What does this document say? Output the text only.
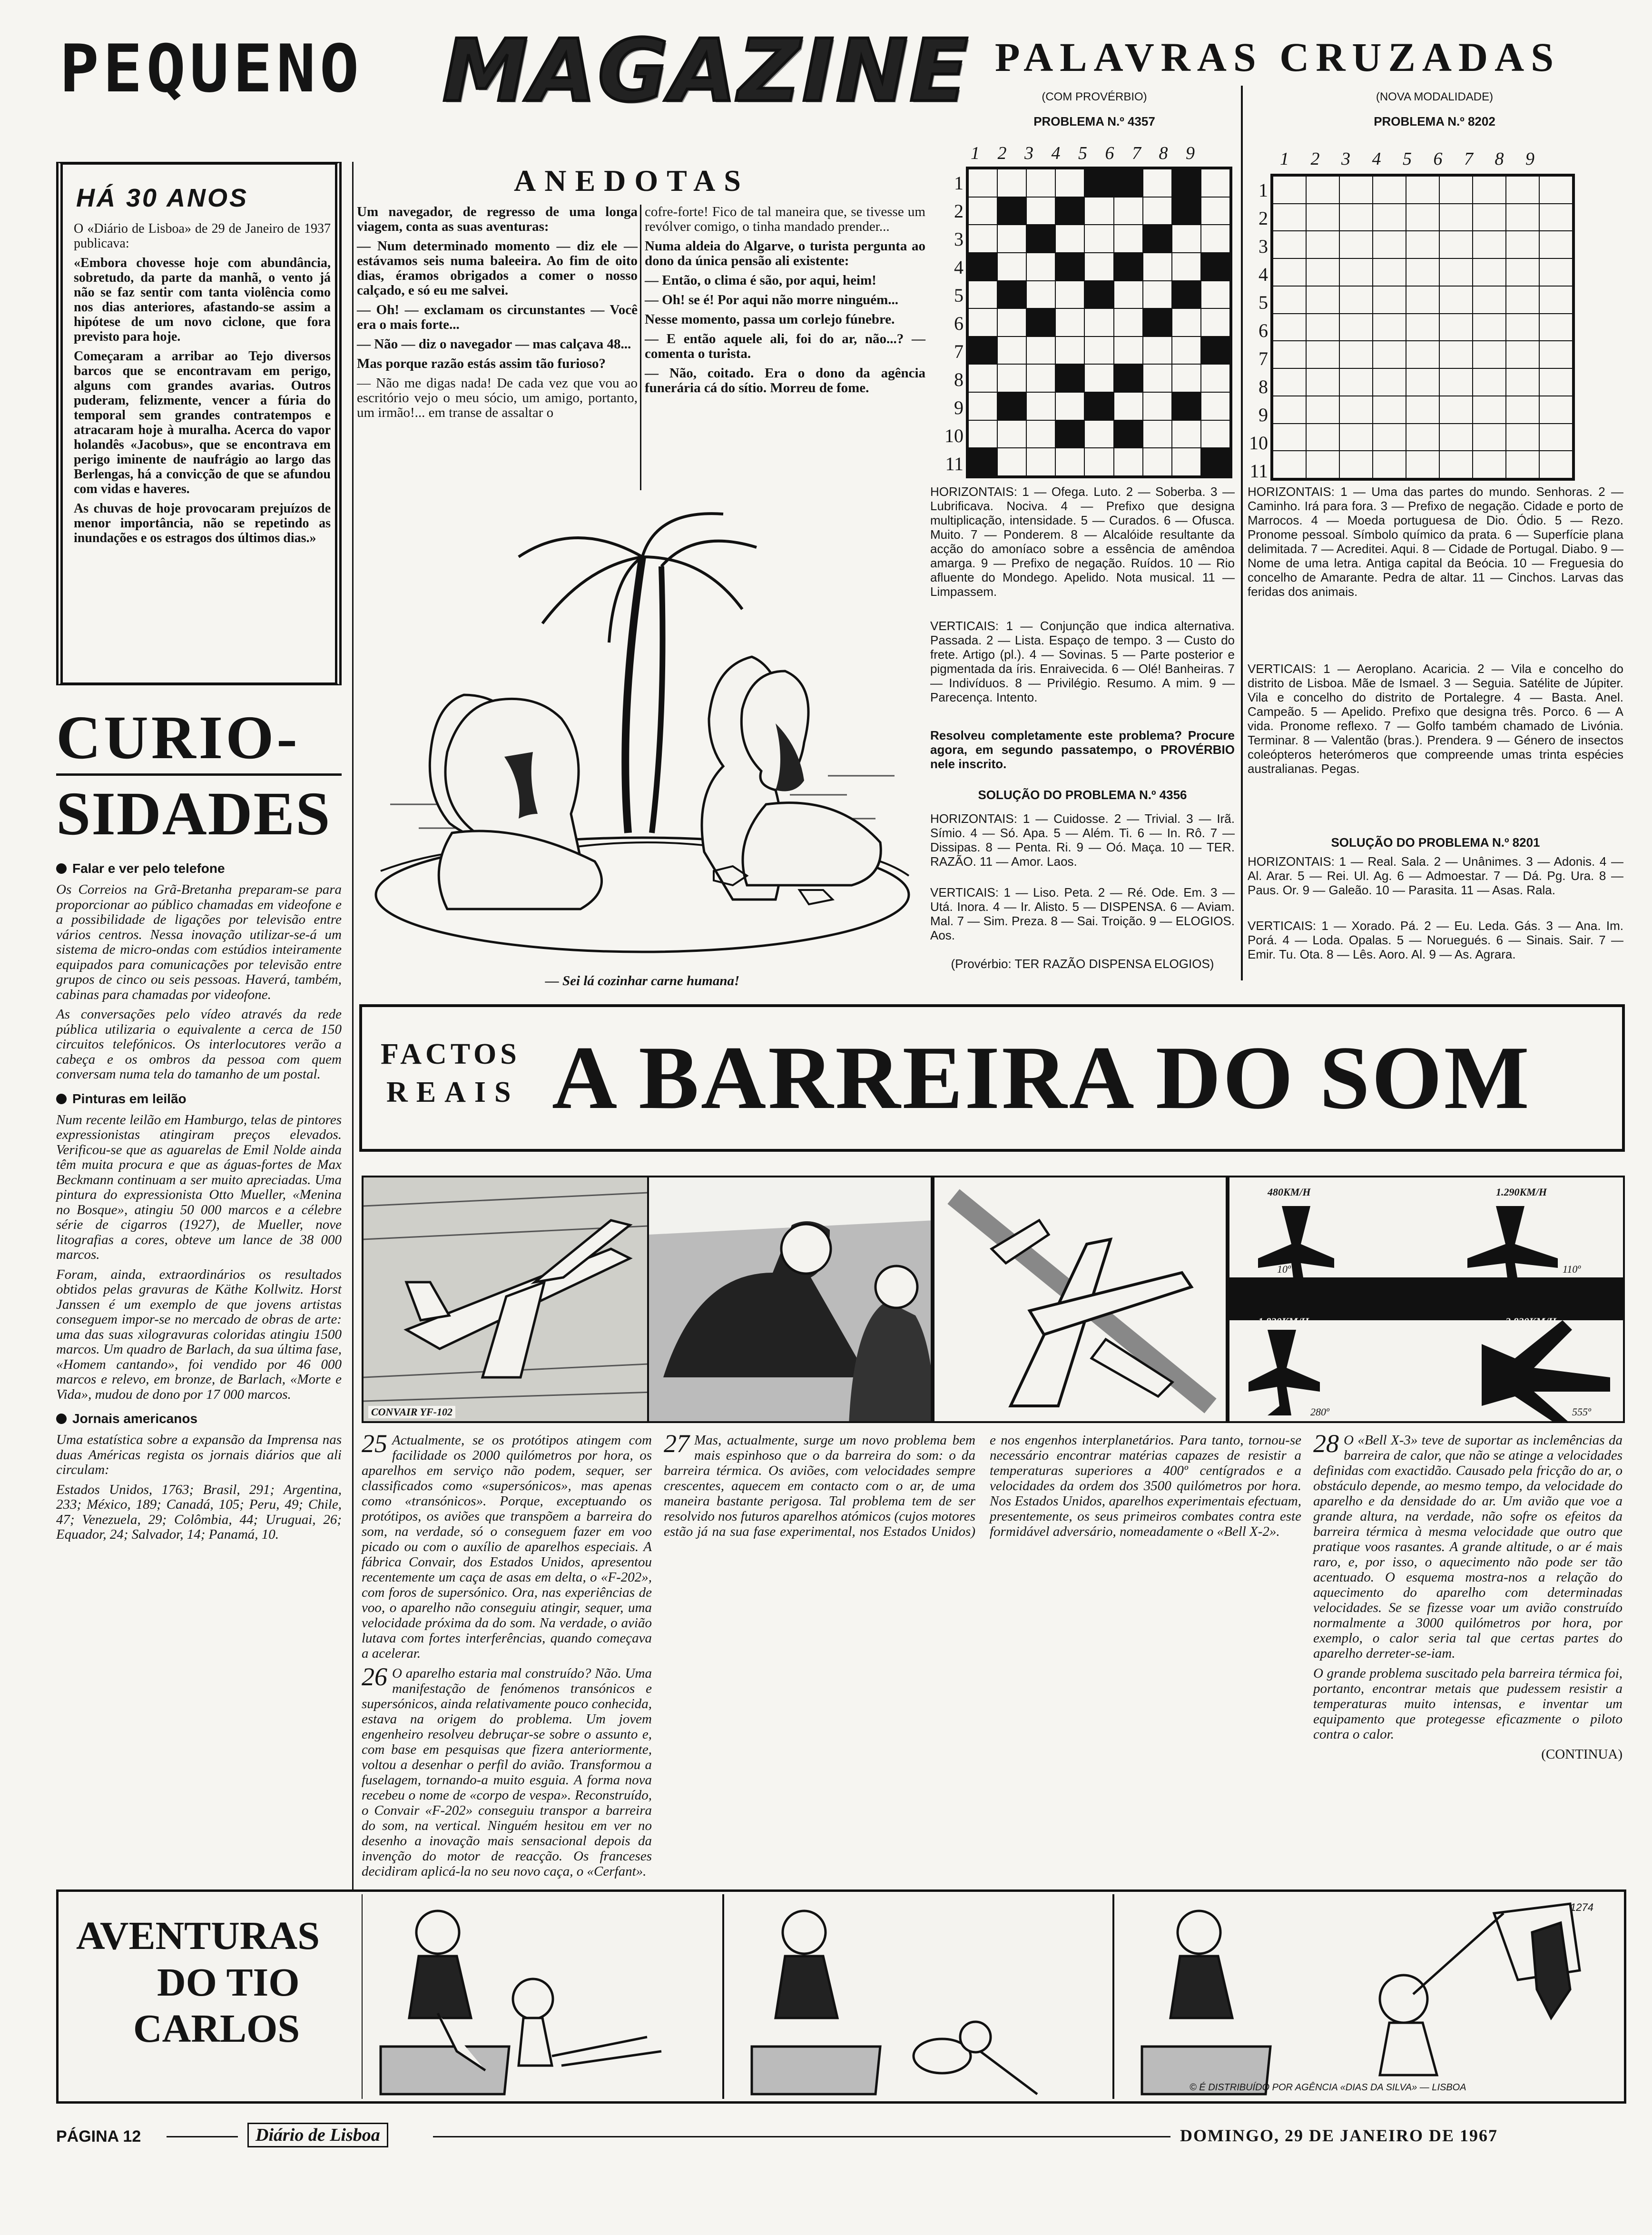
PEQUENO MAGAZINE PALAVRAS CRUZADAS
(COM PROVÉRBIO)
PROBLEMA N.º 4357
1 2 3 4 5 6 7 8 9
1
2
3
4
5
6
7
8
9
10
11
HORIZONTAIS: 1 — Ofega. Luto. 2 — Soberba. 3 — Lubrificava. Nociva. 4 — Prefixo que designa multiplicação, intensidade. 5 — Curados. 6 — Ofusca. Muito. 7 — Ponderem. 8 — Alcalóide resultante da acção do amoníaco sobre a essência de amêndoa amarga. 9 — Prefixo de negação. Ruídos. 10 — Rio afluente do Mondego. Apelido. Nota musical. 11 — Limpassem.
VERTICAIS: 1 — Conjunção que indica alternativa. Passada. 2 — Lista. Espaço de tempo. 3 — Custo do frete. Artigo (pl.). 4 — Sovinas. 5 — Parte posterior e pigmentada da íris. Enraivecida. 6 — Olé! Banheiras. 7 — Indivíduos. 8 — Privilégio. Resumo. A mim. 9 — Parecença. Intento.
Resolveu completamente este problema? Procure agora, em segundo passatempo, o PROVÉRBIO nele inscrito.
SOLUÇÃO DO PROBLEMA N.º 4356
HORIZONTAIS: 1 — Cuidosse. 2 — Trivial. 3 — Irã. Símio. 4 — Só. Apa. 5 — Além. Ti. 6 — In. Rô. 7 — Dissipas. 8 — Penta. Ri. 9 — Oó. Maça. 10 — TER. RAZÃO. 11 — Amor. Laos.
VERTICAIS: 1 — Liso. Peta. 2 — Ré. Ode. Em. 3 — Utá. Inora. 4 — Ir. Alisto. 5 — DISPENSA. 6 — Aviam. Mal. 7 — Sim. Preza. 8 — Sai. Troição. 9 — ELOGIOS. Aos.
(Provérbio: TER RAZÃO DISPENSA ELOGIOS)
(NOVA MODALIDADE)
PROBLEMA N.º 8202
1 2 3 4 5 6 7 8 9
1
2
3
4
5
6
7
8
9
10
11
HORIZONTAIS: 1 — Uma das partes do mundo. Senhoras. 2 — Caminho. Irá para fora. 3 — Prefixo de negação. Cidade e porto de Marrocos. 4 — Moeda portuguesa de Dio. Ódio. 5 — Rezo. Pronome pessoal. Símbolo químico da prata. 6 — Superfície plana delimitada. 7 — Acreditei. Aqui. 8 — Cidade de Portugal. Diabo. 9 — Nome de uma letra. Antiga capital da Beócia. 10 — Freguesia do concelho de Amarante. Pedra de altar. 11 — Cinchos. Larvas das feridas dos animais.
VERTICAIS: 1 — Aeroplano. Acaricia. 2 — Vila e concelho do distrito de Lisboa. Mãe de Ismael. 3 — Seguia. Satélite de Júpiter. Vila e concelho do distrito de Portalegre. 4 — Basta. Anel. Campeão. 5 — Apelido. Prefixo que designa três. Porco. 6 — A vida. Pronome reflexo. 7 — Golfo também chamado de Livónia. Terminar. 8 — Valentão (bras.). Prendera. 9 — Género de insectos coleópteros heterómeros que compreende umas trinta espécies australianas. Pegas.
SOLUÇÃO DO PROBLEMA N.º 8201
HORIZONTAIS: 1 — Real. Sala. 2 — Unânimes. 3 — Adonis. 4 — Al. Arar. 5 — Rei. Ul. Ag. 6 — Admoestar. 7 — Dá. Pg. Ura. 8 — Paus. Or. 9 — Galeão. 10 — Parasita. 11 — Asas. Rala.
VERTICAIS: 1 — Xorado. Pá. 2 — Eu. Leda. Gás. 3 — Ana. Im. Porá. 4 — Loda. Opalas. 5 — Noruegués. 6 — Sinais. Sair. 7 — Emir. Tu. Ota. 8 — Lês. Aoro. Al. 9 — As. Agrara.
HÁ 30 ANOS

O «Diário de Lisboa» de 29 de Janeiro de 1937 publicava:

«Embora chovesse hoje com abundância, sobretudo, da parte da manhã, o vento já não se faz sentir com tanta violência como nos dias anteriores, afastando-se assim a hipótese de um novo ciclone, que fora previsto para hoje.

Começaram a arribar ao Tejo diversos barcos que se encontravam em perigo, alguns com grandes avarias. Outros puderam, felizmente, vencer a fúria do temporal sem grandes contratempos e atracaram hoje à muralha. Acerca do vapor holandês «Jacobus», que se encontrava em perigo iminente de naufrágio ao largo das Berlengas, há a convicção de que se afundou com vidas e haveres.

As chuvas de hoje provocaram prejuízos de menor importância, não se repetindo as inundações e os estragos dos últimos dias.»

ANEDOTAS

Um navegador, de regresso de uma longa viagem, conta as suas aventuras:

— Num determinado momento — diz ele — estávamos seis numa baleeira. Ao fim de oito dias, éramos obrigados a comer o nosso calçado, e só eu me salvei.

— Oh! — exclamam os circunstantes — Você era o mais forte...

— Não — diz o navegador — mas calçava 48...

Mas porque razão estás assim tão furioso?

— Não me digas nada! De cada vez que vou ao escritório vejo o meu sócio, um amigo, portanto, um irmão!... em transe de assaltar o

cofre-forte! Fico de tal maneira que, se tivesse um revólver comigo, o tinha mandado prender...

Numa aldeia do Algarve, o turista pergunta ao dono da única pensão ali existente:

— Então, o clima é são, por aqui, heim!

— Oh! se é! Por aqui não morre ninguém...

Nesse momento, passa um corlejo fúnebre.

— E então aquele ali, foi do ar, não...? — comenta o turista.

— Não, coitado. Era o dono da agência funerária cá do sítio. Morreu de fome.

— Sei lá cozinhar carne humana!
CURIO-
SIDADES
Falar e ver pelo telefone

Os Correios na Grã-Bretanha preparam-se para proporcionar ao público chamadas em videofone e a possibilidade de ligações por televisão entre vários centros. Nessa inovação utilizar-se-á um sistema de micro-ondas com estúdios inteiramente equipados para comunicações por televisão entre grupos de cinco ou seis pessoas. Haverá, também, cabinas para chamadas por videofone.

As conversações pelo vídeo através da rede pública utilizaria o equivalente a cerca de 150 circuitos telefónicos. Os interlocutores verão a cabeça e os ombros da pessoa com quem conversam numa tela do tamanho de um postal.

Pinturas em leilão

Num recente leilão em Hamburgo, telas de pintores expressionistas atingiram preços elevados. Verificou-se que as aguarelas de Emil Nolde ainda têm muita procura e que as águas-fortes de Max Beckmann continuam a ser muito apreciadas. Uma pintura do expressionista Otto Mueller, «Menina no Bosque», atingiu 50 000 marcos e a célebre série de cigarros (1927), de Mueller, nove litografias a cores, obteve um lance de 38 000 marcos.

Foram, ainda, extraordinários os resultados obtidos pelas gravuras de Käthe Kollwitz. Horst Janssen é um exemplo de que jovens artistas conseguem impor-se no mercado de obras de arte: uma das suas xilogravuras coloridas atingiu 1500 marcos. Um quadro de Barlach, da sua última fase, «Homem cantando», foi vendido por 46 000 marcos e relevo, em bronze, de Barlach, «Morte e Vida», mudou de dono por 17 000 marcos.

Jornais americanos

Uma estatística sobre a expansão da Imprensa nas duas Américas regista os jornais diários que ali circulam:

Estados Unidos, 1763; Brasil, 291; Argentina, 233; México, 189; Canadá, 105; Peru, 49; Chile, 47; Venezuela, 29; Colômbia, 44; Uruguai, 26; Equador, 24; Salvador, 14; Panamá, 10.

FACTOS
REAIS A BARREIRA DO SOM
CONVAIR YF-102
480KM/H	1.290KM/H
1.820KM/H	2.820KM/H
10º	110º
280º	555º

25 Actualmente, se os protótipos atingem com facilidade os 2000 quilómetros por hora, os aparelhos em serviço não podem, sequer, ser classificados como «supersónicos», mas apenas como «transónicos». Porque, exceptuando os protótipos, os aviões que transpõem a barreira do som, na verdade, só o conseguem fazer em voo picado ou com o auxílio de aparelhos especiais. A fábrica Convair, dos Estados Unidos, apresentou recentemente um caça de asas em delta, o «F-202», com foros de supersónico. Ora, nas experiências de voo, o aparelho não conseguiu atingir, sequer, uma velocidade próxima da do som. Na verdade, o avião lutava com fortes interferências, quando começava a acelerar.

26 O aparelho estaria mal construído? Não. Uma manifestação de fenómenos transónicos e supersónicos, ainda relativamente pouco conhecida, estava na origem do problema. Um jovem engenheiro resolveu debruçar-se sobre o assunto e, com base em pesquisas que fizera anteriormente, voltou a desenhar o perfil do avião. Transformou a fuselagem, tornando-a muito esguia. A forma nova recebeu o nome de «corpo de vespa». Reconstruído, o Convair «F-202» conseguiu transpor a barreira do som, na vertical. Ninguém hesitou em ver no desenho a inovação mais sensacional depois da invenção do motor de reacção. Os franceses decidiram aplicá-la no seu novo caça, o «Cerfant».

27 Mas, actualmente, surge um novo problema bem mais espinhoso que o da barreira do som: o da barreira térmica. Os aviões, com velocidades sempre crescentes, aquecem em contacto com o ar, de uma maneira bastante perigosa. Tal problema tem de ser resolvido nos futuros aparelhos atómicos (cujos motores estão já na sua fase experimental, nos Estados Unidos) e nos engenhos interplanetários. Para tanto, tornou-se necessário encontrar matérias capazes de resistir a temperaturas superiores a 400º centígrados e a velocidades da ordem dos 3500 quilómetros por hora. Nos Estados Unidos, aparelhos experimentais efectuam, presentemente, os seus primeiros combates contra este formidável adversário, nomeadamente o «Bell X-2».

28 O «Bell X-3» teve de suportar as inclemências da barreira de calor, que não se atinge a velocidades definidas com exactidão. Causado pela fricção do ar, o obstáculo depende, ao mesmo tempo, da velocidade do aparelho e da densidade do ar. Um avião que voe a grande altura, na verdade, não sofre os efeitos da barreira térmica à mesma velocidade que outro que pratique voos rasantes. A grande altitude, o ar é mais raro, e, por isso, o aquecimento não pode ser tão acentuado. O esquema mostra-nos a relação do aquecimento do aparelho com determinadas velocidades. Se se fizesse voar um avião construído normalmente a 3000 quilómetros por hora, por exemplo, o calor seria tal que certas partes do aparelho derreter-se-iam.

O grande problema suscitado pela barreira térmica foi, portanto, encontrar metais que pudessem resistir a temperaturas muito intensas, e inventar um equipamento que protegesse eficazmente o piloto contra o calor.

(CONTINUA)

AVENTURAS
DO TIO
CARLOS
1274
© É DISTRIBUÍDO POR AGÊNCIA «DIAS DA SILVA» — LISBOA
PÁGINA 12	Diário de Lisboa	DOMINGO, 29 DE JANEIRO DE 1967
